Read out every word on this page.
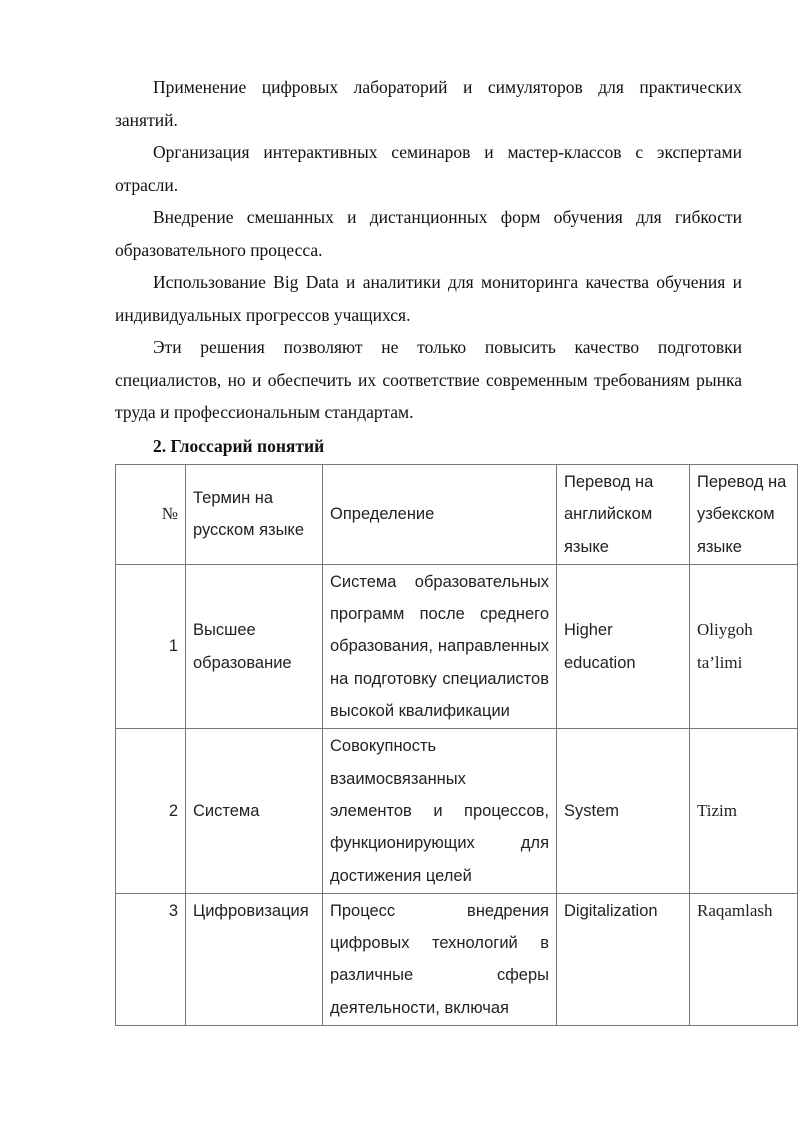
Применение цифровых лабораторий и симуляторов для практических занятий.

Организация интерактивных семинаров и мастер-классов с экспертами отрасли.

Внедрение смешанных и дистанционных форм обучения для гибкости образовательного процесса.

Использование Big Data и аналитики для мониторинга качества обучения и индивидуальных прогрессов учащихся.

Эти решения позволяют не только повысить качество подготовки специалистов, но и обеспечить их соответствие современным требованиям рынка труда и профессиональным стандартам.

2. Глоссарий понятий
№	Термин на русском языке	Определение	Перевод на английском языке	Перевод на узбекском языке
1	Высшее образование	Система образовательных программ после среднего образования, направленных на подготовку специалистов высокой квалификации	Higher education	Oliygoh ta’limi
2	Система	Совокупность взаимосвязанных элементов и процессов, функционирующих для достижения целей	System	Tizim
3	Цифровизация	Процесс внедрения цифровых технологий в различные сферы деятельности, включая	Digitalization	Raqamlash
